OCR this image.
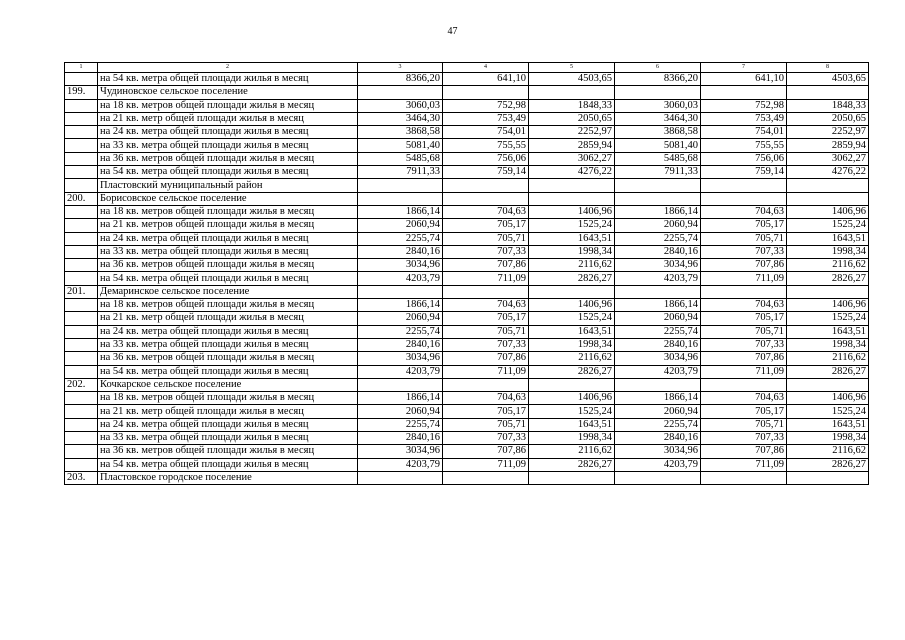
47
1	2	3	4	5	6	7	8
	на 54 кв. метра общей площади жилья в месяц	8366,20	641,10	4503,65	8366,20	641,10	4503,65
199.	Чудиновское сельское поселение						
	на 18 кв. метров общей площади жилья в месяц	3060,03	752,98	1848,33	3060,03	752,98	1848,33
	на 21 кв. метр общей площади жилья в месяц	3464,30	753,49	2050,65	3464,30	753,49	2050,65
	на 24 кв. метра общей площади жилья в месяц	3868,58	754,01	2252,97	3868,58	754,01	2252,97
	на 33 кв. метра общей площади жилья в месяц	5081,40	755,55	2859,94	5081,40	755,55	2859,94
	на 36 кв. метров общей площади жилья в месяц	5485,68	756,06	3062,27	5485,68	756,06	3062,27
	на 54 кв. метра общей площади жилья в месяц	7911,33	759,14	4276,22	7911,33	759,14	4276,22
	Пластовский муниципальный район						
200.	Борисовское сельское поселение						
	на 18 кв. метров общей площади жилья в месяц	1866,14	704,63	1406,96	1866,14	704,63	1406,96
	на 21 кв. метров общей площади жилья в месяц	2060,94	705,17	1525,24	2060,94	705,17	1525,24
	на 24 кв. метра общей площади жилья в месяц	2255,74	705,71	1643,51	2255,74	705,71	1643,51
	на 33 кв. метра общей площади жилья в месяц	2840,16	707,33	1998,34	2840,16	707,33	1998,34
	на 36 кв. метров общей площади жилья в месяц	3034,96	707,86	2116,62	3034,96	707,86	2116,62
	на 54 кв. метра общей площади жилья в месяц	4203,79	711,09	2826,27	4203,79	711,09	2826,27
201.	Демаринское сельское поселение						
	на 18 кв. метров общей площади жилья в месяц	1866,14	704,63	1406,96	1866,14	704,63	1406,96
	на 21 кв. метр общей площади жилья в месяц	2060,94	705,17	1525,24	2060,94	705,17	1525,24
	на 24 кв. метра общей площади жилья в месяц	2255,74	705,71	1643,51	2255,74	705,71	1643,51
	на 33 кв. метра общей площади жилья в месяц	2840,16	707,33	1998,34	2840,16	707,33	1998,34
	на 36 кв. метров общей площади жилья в месяц	3034,96	707,86	2116,62	3034,96	707,86	2116,62
	на 54 кв. метра общей площади жилья в месяц	4203,79	711,09	2826,27	4203,79	711,09	2826,27
202.	Кочкарское сельское поселение						
	на 18 кв. метров общей площади жилья в месяц	1866,14	704,63	1406,96	1866,14	704,63	1406,96
	на 21 кв. метр общей площади жилья в месяц	2060,94	705,17	1525,24	2060,94	705,17	1525,24
	на 24 кв. метра общей площади жилья в месяц	2255,74	705,71	1643,51	2255,74	705,71	1643,51
	на 33 кв. метра общей площади жилья в месяц	2840,16	707,33	1998,34	2840,16	707,33	1998,34
	на 36 кв. метров общей площади жилья в месяц	3034,96	707,86	2116,62	3034,96	707,86	2116,62
	на 54 кв. метра общей площади жилья в месяц	4203,79	711,09	2826,27	4203,79	711,09	2826,27
203.	Пластовское городское поселение						
